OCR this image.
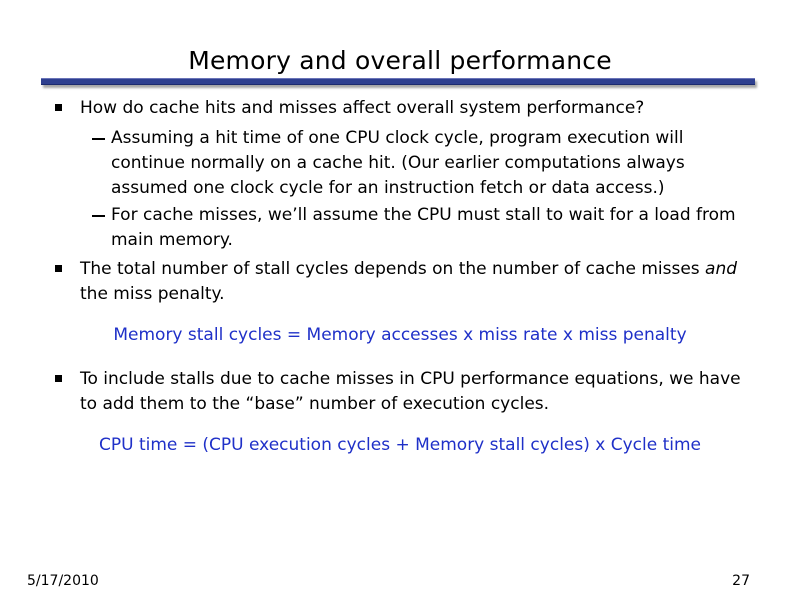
Memory and overall performance
How do cache hits and misses affect overall system performance?
Assuming a hit time of one CPU clock cycle, program execution will continue normally on a cache hit. (Our earlier computations always assumed one clock cycle for an instruction fetch or data access.)
For cache misses, we’ll assume the CPU must stall to wait for a load from main memory.
The total number of stall cycles depends on the number of cache misses and the miss penalty.
Memory stall cycles = Memory accesses x miss rate x miss penalty
To include stalls due to cache misses in CPU performance equations, we have to add them to the “base” number of execution cycles.
CPU time = (CPU execution cycles + Memory stall cycles) x Cycle time
5/17/2010	27
